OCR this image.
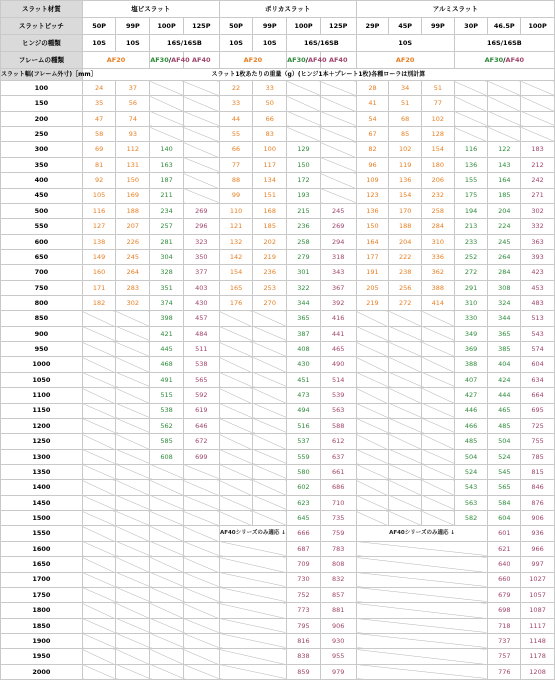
スラット材質	塩ビスラット				ポリカスラット				アルミスラット					
スラットピッチ	50P	99P	100P	125P	50P	99P	100P	125P	29P	45P	99P	30P	46.5P	100P
ヒンジの種類	10S	10S	16S/16SB		10S	10S	16S/16SB		10S			16S/16SB		
フレームの種類	AF20		AF30/AF40	AF40	AF20		AF30/AF40	AF40	AF20			AF30/AF40		
スラット幅(フレーム外寸)［mm］	スラット1枚あたりの重量（g）(ヒンジ1本＋プレート1枚)各種ローラは別計算													
100	24	37			22	33			28	34	51			
150	35	56			33	50			41	51	77			
200	47	74			44	66			54	68	102			
250	58	93			55	83			67	85	128			
300	69	112	140		66	100	129		82	102	154	116	122	183
350	81	131	163		77	117	150		96	119	180	136	143	212
400	92	150	187		88	134	172		109	136	206	155	164	242
450	105	169	211		99	151	193		123	154	232	175	185	271
500	116	188	234	269	110	168	215	245	136	170	258	194	204	302
550	127	207	257	296	121	185	236	269	150	188	284	213	224	332
600	138	226	281	323	132	202	258	294	164	204	310	233	245	363
650	149	245	304	350	142	219	279	318	177	222	336	252	264	393
700	160	264	328	377	154	236	301	343	191	238	362	272	284	423
750	171	283	351	403	165	253	322	367	205	256	388	291	308	453
800	182	302	374	430	176	270	344	392	219	272	414	310	324	483
850			398	457			365	416				330	344	513
900			421	484			387	441				349	365	543
950			445	511			408	465				369	385	574
1000			468	538			430	490				388	404	604
1050			491	565			451	514				407	424	634
1100			515	592			473	539				427	444	664
1150			538	619			494	563				446	465	695
1200			562	646			516	588				466	485	725
1250			585	672			537	612				485	504	755
1300			608	699			559	637				504	524	785
1350							580	661				524	545	815
1400							602	686				543	565	846
1450							623	710				563	584	876
1500							645	735				582	604	906
1550					AF40シリーズのみ適応 ↓		666	759	AF40シリーズのみ適応 ↓				601	936
1600							687	783					621	966
1650							709	808					640	997
1700							730	832					660	1027
1750							752	857					679	1057
1800							773	881					698	1087
1850							795	906					718	1117
1900							816	930					737	1148
1950							838	955					757	1178
2000							859	979					776	1208
